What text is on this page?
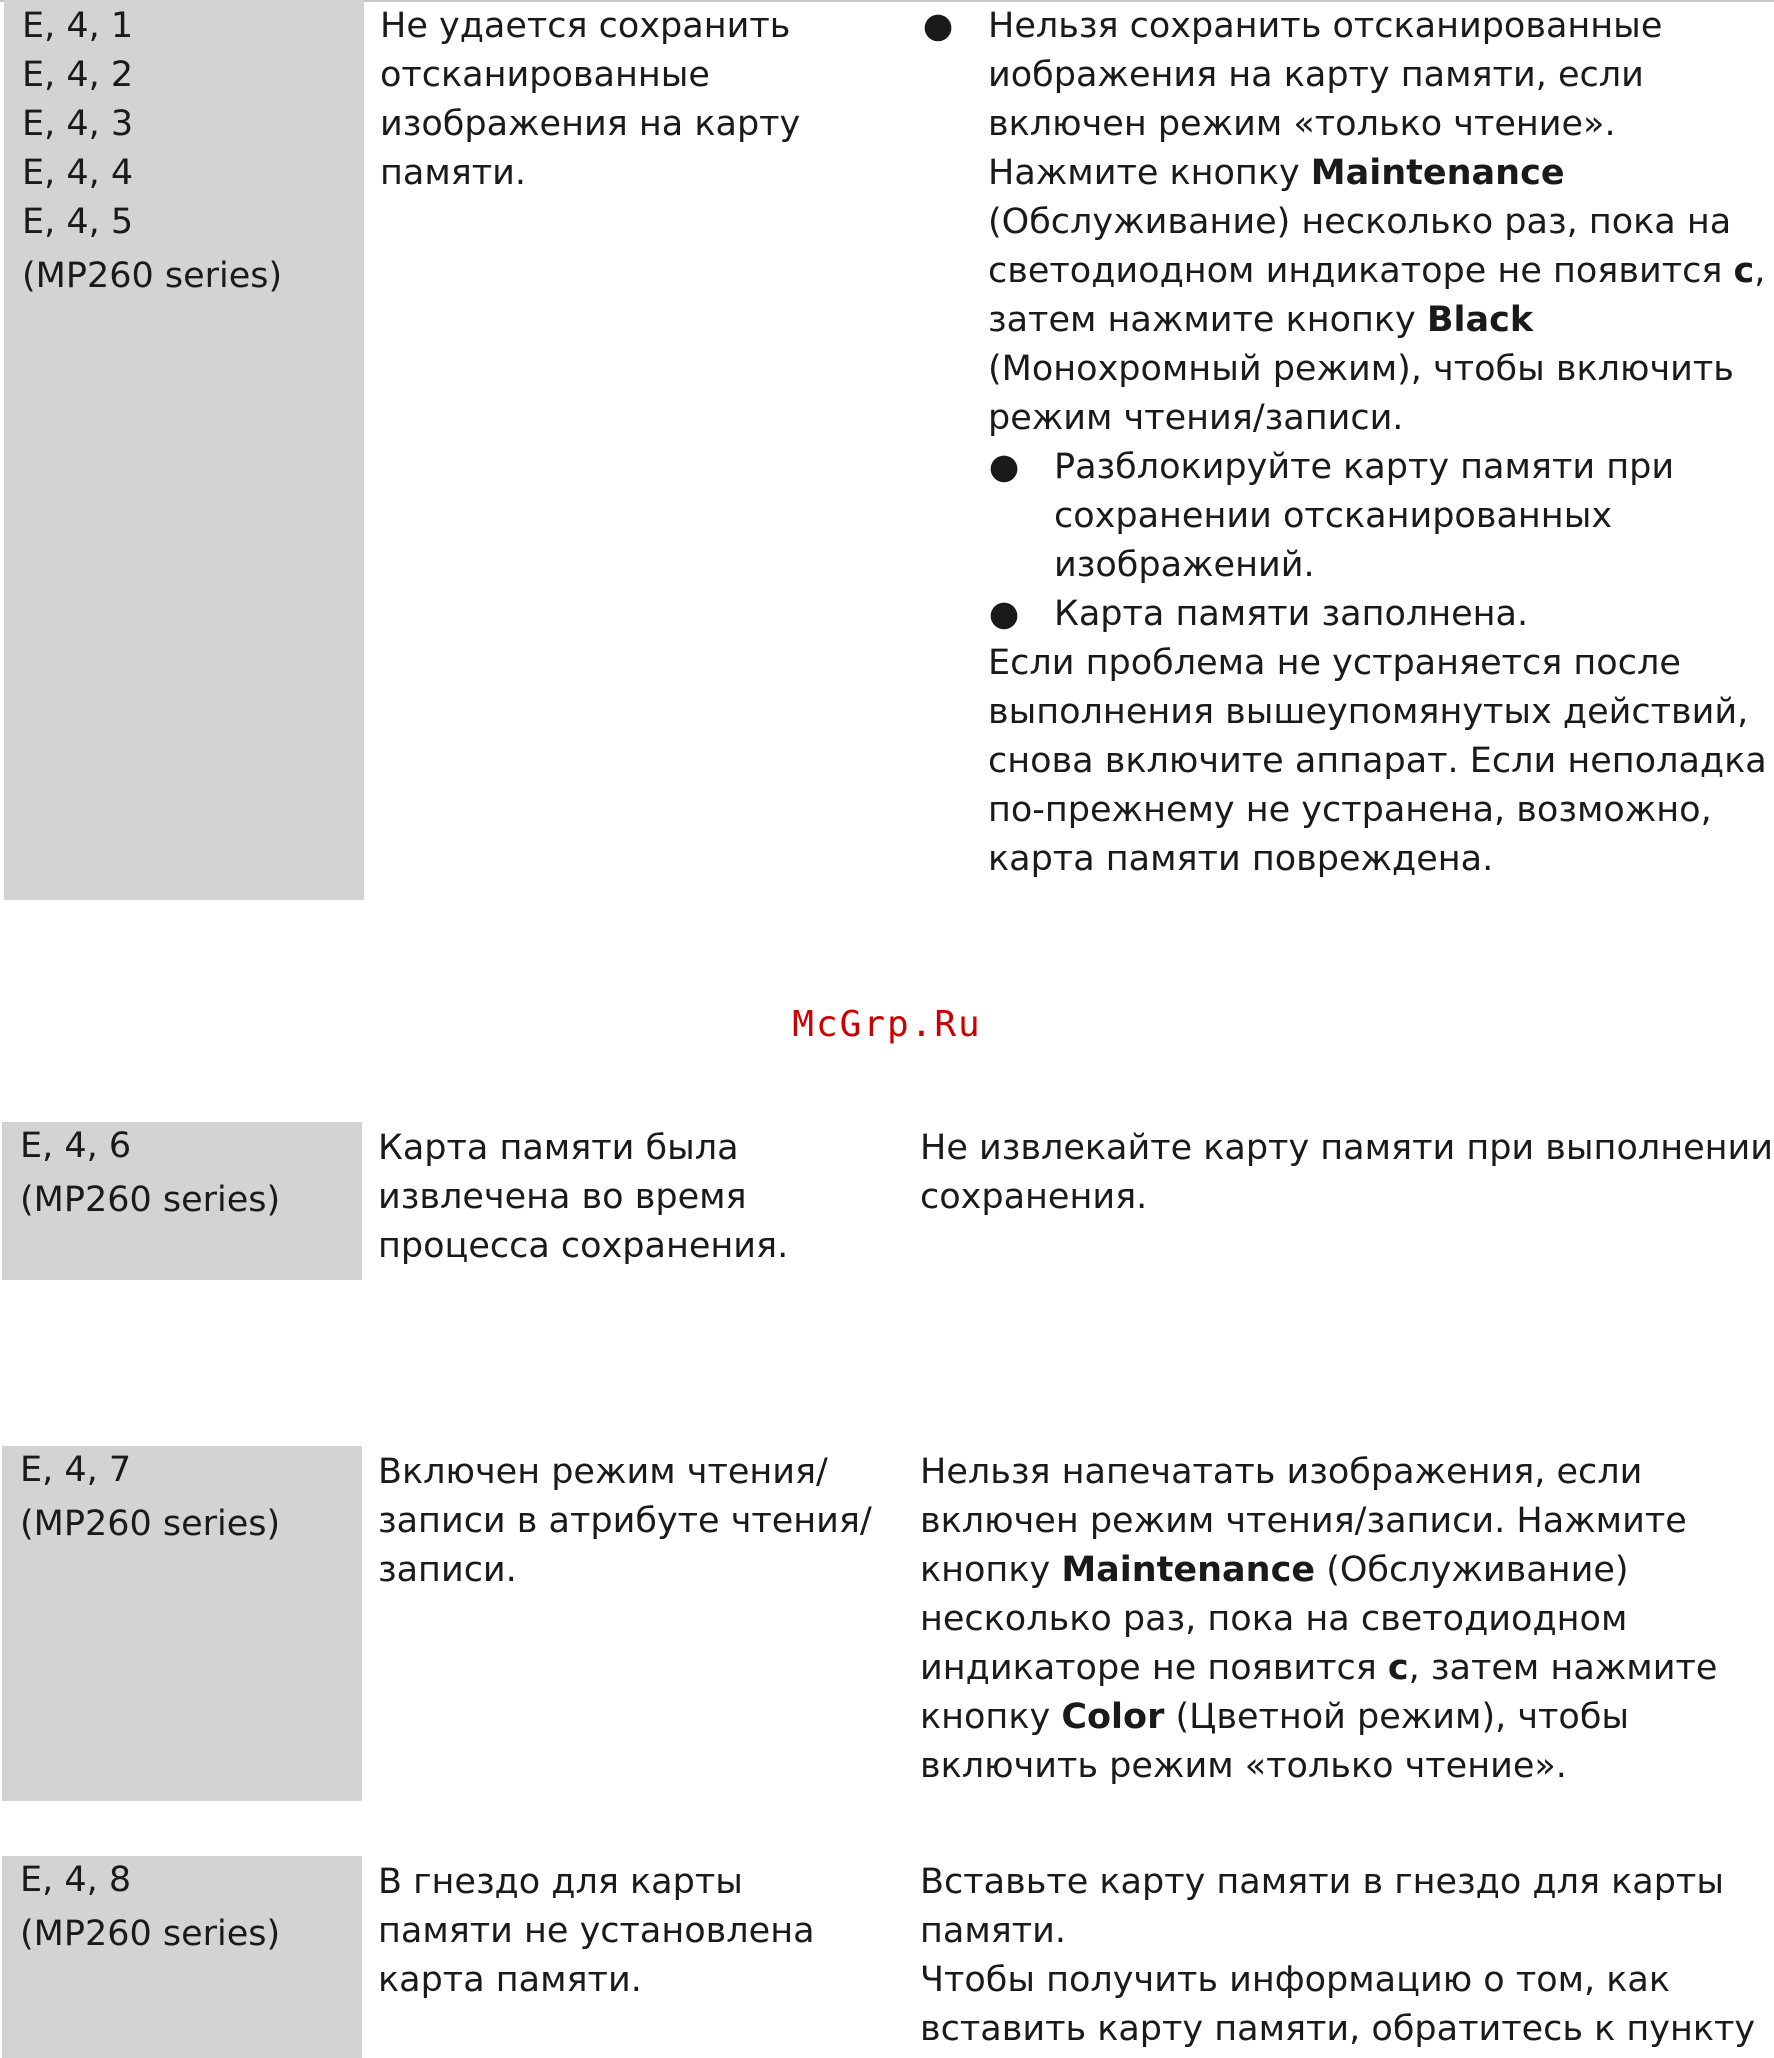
E, 4, 1
E, 4, 2
E, 4, 3
E, 4, 4
E, 4, 5
(MP260 series)
Не удается сохранить
отсканированные
изображения на карту
памяти.
● Нельзя сохранить отсканированные
иображения на карту памяти, если
включен режим «только чтение».
Нажмите кнопку Maintenance
(Обслуживание) несколько раз, пока на
светодиодном индикаторе не появится c,
затем нажмите кнопку Black
(Монохромный режим), чтобы включить
режим чтения/записи.
● Разблокируйте карту памяти при
сохранении отсканированных
изображений.
● Карта памяти заполнена.
Если проблема не устраняется после
выполнения вышеупомянутых действий,
снова включите аппарат. Если неполадка
по-прежнему не устранена, возможно,
карта памяти повреждена.
McGrp.Ru
E, 4, 6
(MP260 series)
Карта памяти была
извлечена во время
процесса сохранения.
Не извлекайте карту памяти при выполнении
сохранения.
E, 4, 7
(MP260 series)
Включен режим чтения/
записи в атрибуте чтения/
записи.
Нельзя напечатать изображения, если
включен режим чтения/записи. Нажмите
кнопку Maintenance (Обслуживание)
несколько раз, пока на светодиодном
индикаторе не появится c, затем нажмите
кнопку Color (Цветной режим), чтобы
включить режим «только чтение».
E, 4, 8
(MP260 series)
В гнездо для карты
памяти не установлена
карта памяти.
Вставьте карту памяти в гнездо для карты
памяти.
Чтобы получить информацию о том, как
вставить карту памяти, обратитесь к пункту
